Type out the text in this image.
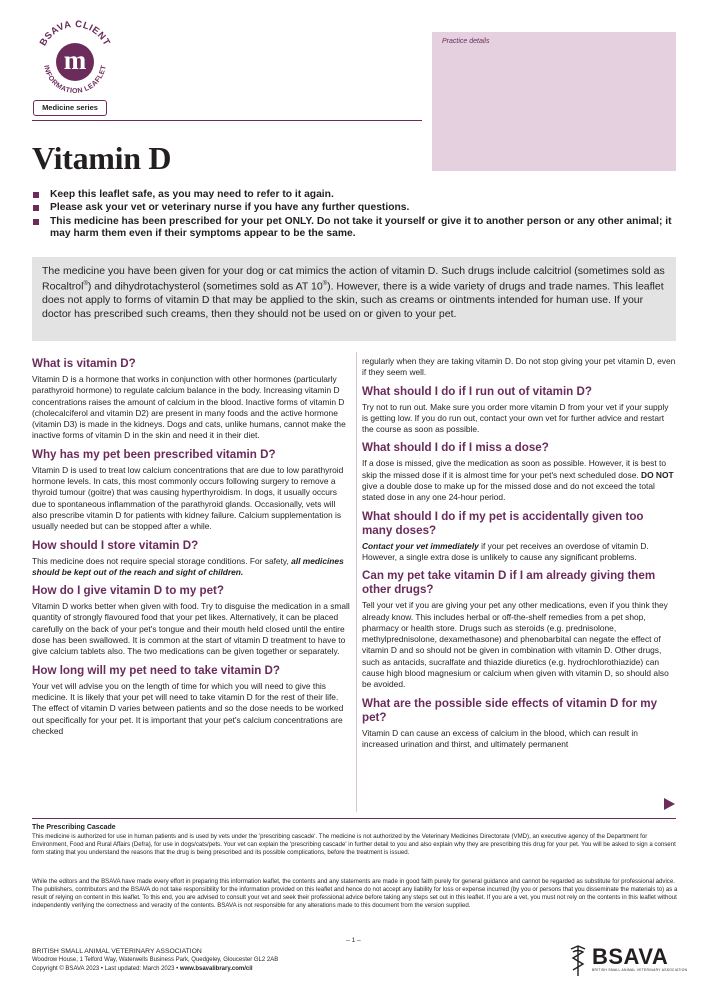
BSAVA CLIENT
INFORMATION LEAFLET
m
Medicine series
Practice details
Vitamin D
Keep this leaflet safe, as you may need to refer to it again.
Please ask your vet or veterinary nurse if you have any further questions.
This medicine has been prescribed for your pet ONLY. Do not take it yourself or give it to another person or any other animal; it may harm them even if their symptoms appear to be the same.
The medicine you have been given for your dog or cat mimics the action of vitamin D. Such drugs include calcitriol (sometimes sold as Rocaltrol®) and dihydrotachysterol (sometimes sold as AT 10®). However, there is a wide variety of drugs and trade names. This leaflet does not apply to forms of vitamin D that may be applied to the skin, such as creams or ointments intended for human use. If your doctor has prescribed such creams, then they should not be used on or given to your pet.
What is vitamin D?

Vitamin D is a hormone that works in conjunction with other hormones (particularly parathyroid hormone) to regulate calcium balance in the body. Increasing vitamin D concentrations raises the amount of calcium in the blood. Inactive forms of vitamin D (cholecalciferol and vitamin D2) are present in many foods and the active hormone (vitamin D3) is made in the kidneys. Dogs and cats, unlike humans, cannot make the inactive forms of vitamin D in the skin and need it in their diet.

Why has my pet been prescribed vitamin D?

Vitamin D is used to treat low calcium concentrations that are due to low parathyroid hormone levels. In cats, this most commonly occurs following surgery to remove a thyroid tumour (goitre) that was causing hyperthyroidism. In dogs, it usually occurs due to spontaneous inflammation of the parathyroid glands. Occasionally, vets will also prescribe vitamin D for patients with kidney failure. Calcium supplementation is usually needed but can be stopped after a while.

How should I store vitamin D?

This medicine does not require special storage conditions. For safety, all medicines should be kept out of the reach and sight of children.

How do I give vitamin D to my pet?

Vitamin D works better when given with food. Try to disguise the medication in a small quantity of strongly flavoured food that your pet likes. Alternatively, it can be placed carefully on the back of your pet's tongue and their mouth held closed until the entire dose has been swallowed. It is common at the start of vitamin D treatment to have to give calcium tablets also. The two medications can be given together or separately.

How long will my pet need to take vitamin D?

Your vet will advise you on the length of time for which you will need to give this medicine. It is likely that your pet will need to take vitamin D for the rest of their life. The effect of vitamin D varies between patients and so the dose needs to be worked out specifically for your pet. It is important that your pet's calcium concentrations are checked

regularly when they are taking vitamin D. Do not stop giving your pet vitamin D, even if they seem well.

What should I do if I run out of vitamin D?

Try not to run out. Make sure you order more vitamin D from your vet if your supply is getting low. If you do run out, contact your own vet for further advice and restart the course as soon as possible.

What should I do if I miss a dose?

If a dose is missed, give the medication as soon as possible. However, it is best to skip the missed dose if it is almost time for your pet's next scheduled dose. DO NOT give a double dose to make up for the missed dose and do not exceed the total stated dose in any one 24-hour period.

What should I do if my pet is accidentally given too many doses?

Contact your vet immediately if your pet receives an overdose of vitamin D. However, a single extra dose is unlikely to cause any significant problems.

Can my pet take vitamin D if I am already giving them other drugs?

Tell your vet if you are giving your pet any other medications, even if you think they already know. This includes herbal or off-the-shelf remedies from a pet shop, pharmacy or health store. Drugs such as steroids (e.g. prednisolone, methylprednisolone, dexamethasone) and phenobarbital can negate the effect of vitamin D and so should not be given in combination with vitamin D. Other drugs, such as antacids, sucralfate and thiazide diuretics (e.g. hydrochlorothiazide) can cause high blood magnesium or calcium when given with vitamin D, so should also be avoided.

What are the possible side effects of vitamin D for my pet?

Vitamin D can cause an excess of calcium in the blood, which can result in increased urination and thirst, and ultimately permanent

The Prescribing Cascade
This medicine is authorized for use in human patients and is used by vets under the 'prescribing cascade'. The medicine is not authorized by the Veterinary Medicines Directorate (VMD), an executive agency of the Department for Environment, Food and Rural Affairs (Defra), for use in dogs/cats/pets. Your vet can explain the 'prescribing cascade' in further detail to you and also explain why they are prescribing this drug for your pet. You will be asked to sign a consent form stating that you understand the reasons that the drug is being prescribed and its possible complications, before the treatment is issued.
While the editors and the BSAVA have made every effort in preparing this information leaflet, the contents and any statements are made in good faith purely for general guidance and cannot be regarded as substitute for professional advice. The publishers, contributors and the BSAVA do not take responsibility for the information provided on this leaflet and hence do not accept any liability for loss or expense incurred (by you or persons that you disseminate the materials to) as a result of relying on content in this leaflet. To this end, you are advised to consult your vet and seek their professional advice before taking any steps set out in this leaflet. If you are a vet, you must not rely on the contents in this leaflet without independently verifying the correctness and veracity of the contents. BSAVA is not responsible for any alterations made to this document from the version supplied.
– 1 –
BRITISH SMALL ANIMAL VETERINARY ASSOCIATION
Woodrow House, 1 Telford Way, Waterwells Business Park, Quedgeley, Gloucester GL2 2AB
Copyright © BSAVA 2023 • Last updated: March 2023 • www.bsavalibrary.com/cil	BSAVA
BRITISH SMALL ANIMAL VETERINARY ASSOCIATION
